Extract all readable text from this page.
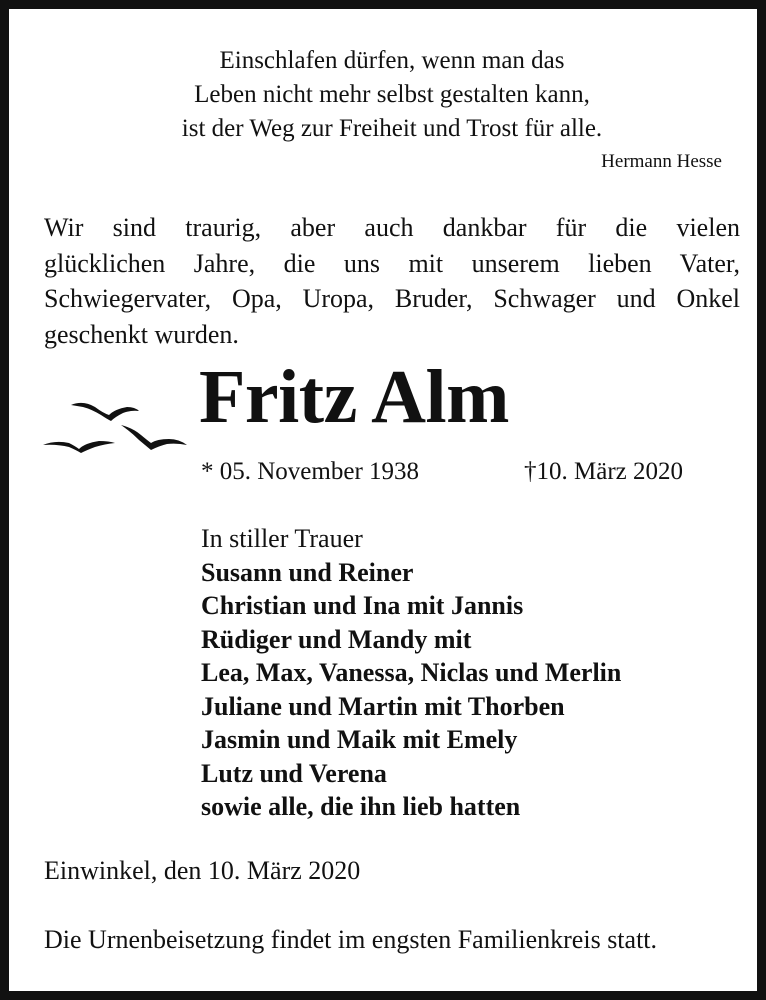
Einschlafen dürfen, wenn man das
Leben nicht mehr selbst gestalten kann,
ist der Weg zur Freiheit und Trost für alle.
Hermann Hesse
Wir sind traurig, aber auch dankbar für die vielen
glücklichen Jahre, die uns mit unserem lieben Vater,
Schwiegervater, Opa, Uropa, Bruder, Schwager und Onkel
geschenkt wurden.
Fritz Alm
* 05. November 1938	†10. März 2020
In stiller Trauer
Susann und Reiner
Christian und Ina mit Jannis
Rüdiger und Mandy mit
Lea, Max, Vanessa, Niclas und Merlin
Juliane und Martin mit Thorben
Jasmin und Maik mit Emely
Lutz und Verena
sowie alle, die ihn lieb hatten
Einwinkel, den 10. März 2020
Die Urnenbeisetzung findet im engsten Familienkreis statt.
